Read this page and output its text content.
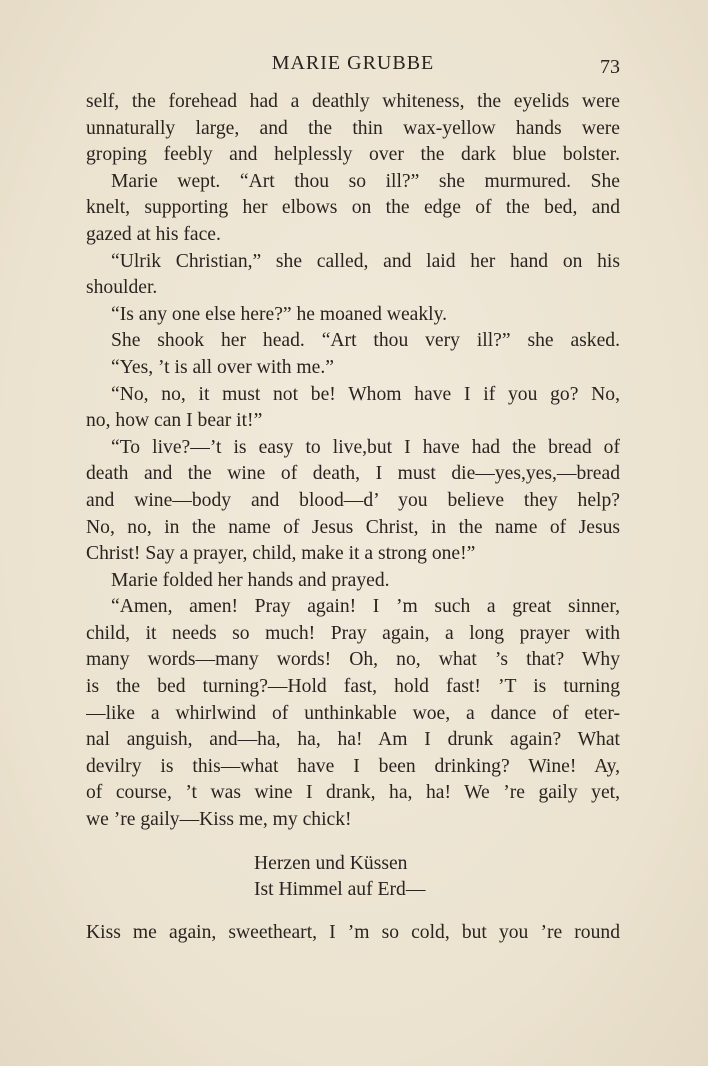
MARIE GRUBBE	73
self, the forehead had a deathly whiteness, the eyelids were
unnaturally large, and the thin wax-yellow hands were
groping feebly and helplessly over the dark blue bolster.
Marie wept. “Art thou so ill?” she murmured. She
knelt, supporting her elbows on the edge of the bed, and
gazed at his face.
“Ulrik Christian,” she called, and laid her hand on his
shoulder.
“Is any one else here?” he moaned weakly.
She shook her head. “Art thou very ill?” she asked.
“Yes, ’t is all over with me.”
“No, no, it must not be! Whom have I if you go? No,
no, how can I bear it!”
“To live?—’t is easy to live,but I have had the bread of
death and the wine of death, I must die—yes,yes,—bread
and wine—body and blood—d’ you believe they help?
No, no, in the name of Jesus Christ, in the name of Jesus
Christ! Say a prayer, child, make it a strong one!”
Marie folded her hands and prayed.
“Amen, amen! Pray again! I ’m such a great sinner,
child, it needs so much! Pray again, a long prayer with
many words—many words! Oh, no, what ’s that? Why
is the bed turning?—Hold fast, hold fast! ’T is turning
—like a whirlwind of unthinkable woe, a dance of eter-
nal anguish, and—ha, ha, ha! Am I drunk again? What
devilry is this—what have I been drinking? Wine! Ay,
of course, ’t was wine I drank, ha, ha! We ’re gaily yet,
we ’re gaily—Kiss me, my chick!
Herzen und Küssen
Ist Himmel auf Erd—
Kiss me again, sweetheart, I ’m so cold, but you ’re round
